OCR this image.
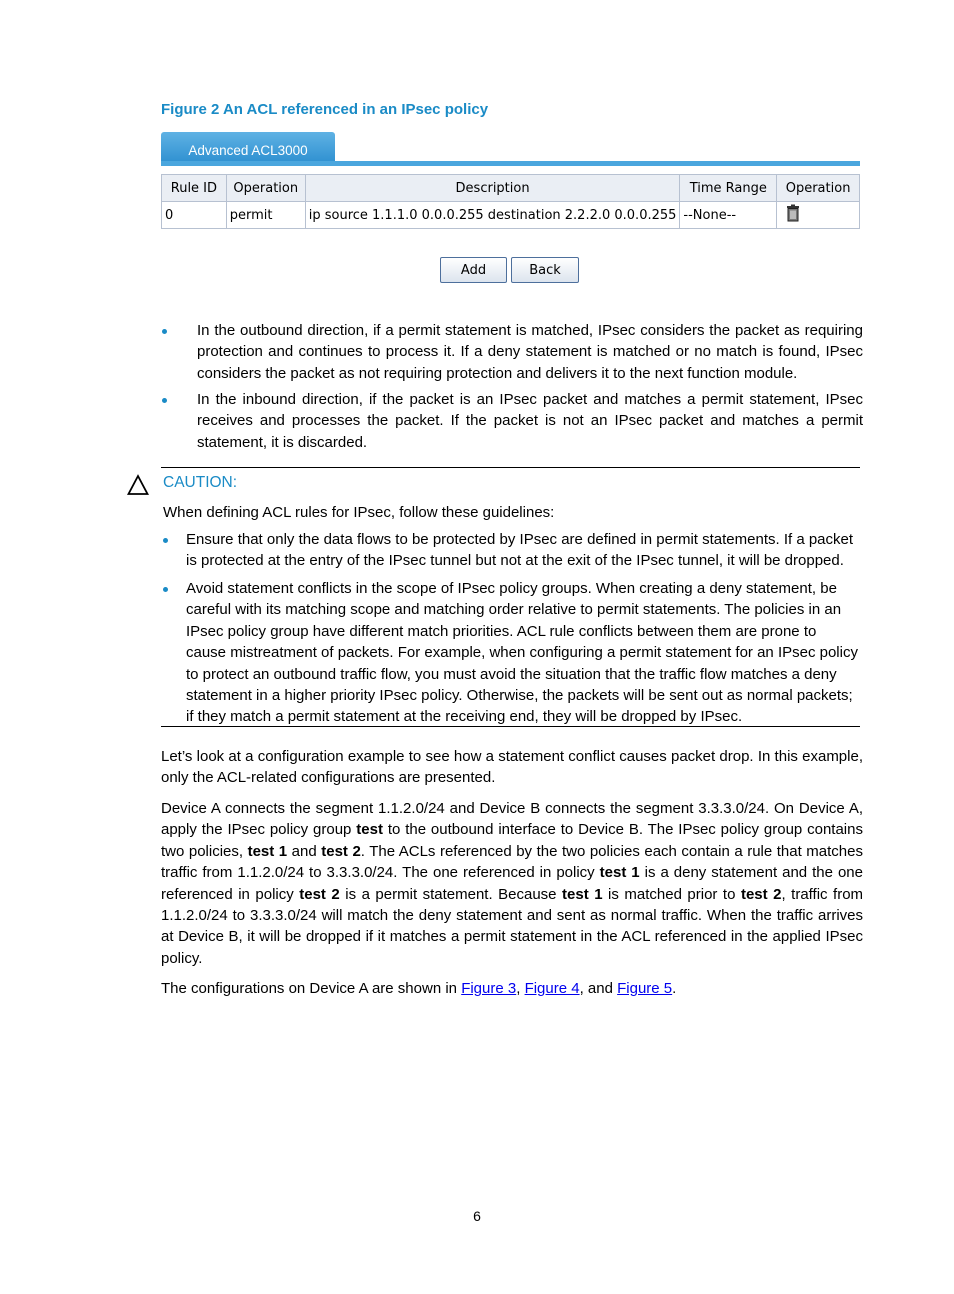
Figure 2 An ACL referenced in an IPsec policy
Advanced ACL3000
Rule ID	Operation	Description	Time Range	Operation
0	permit	ip source 1.1.1.0 0.0.0.255 destination 2.2.2.0 0.0.0.255	--None--	
Add	Back
In the outbound direction, if a permit statement is matched, IPsec considers the packet as requiring protection and continues to process it. If a deny statement is matched or no match is found, IPsec considers the packet as not requiring protection and delivers it to the next function module.
In the inbound direction, if the packet is an IPsec packet and matches a permit statement, IPsec receives and processes the packet. If the packet is not an IPsec packet and matches a permit statement, it is discarded.
CAUTION:
When defining ACL rules for IPsec, follow these guidelines:
Ensure that only the data flows to be protected by IPsec are defined in permit statements. If a packet is protected at the entry of the IPsec tunnel but not at the exit of the IPsec tunnel, it will be dropped.
Avoid statement conflicts in the scope of IPsec policy groups. When creating a deny statement, be careful with its matching scope and matching order relative to permit statements. The policies in an IPsec policy group have different match priorities. ACL rule conflicts between them are prone to cause mistreatment of packets. For example, when configuring a permit statement for an IPsec policy to protect an outbound traffic flow, you must avoid the situation that the traffic flow matches a deny statement in a higher priority IPsec policy. Otherwise, the packets will be sent out as normal packets; if they match a permit statement at the receiving end, they will be dropped by IPsec.
Let’s look at a configuration example to see how a statement conflict causes packet drop. In this example, only the ACL-related configurations are presented.
Device A connects the segment 1.1.2.0/24 and Device B connects the segment 3.3.3.0/24. On Device A, apply the IPsec policy group test to the outbound interface to Device B. The IPsec policy group contains two policies, test 1 and test 2. The ACLs referenced by the two policies each contain a rule that matches traffic from 1.1.2.0/24 to 3.3.3.0/24. The one referenced in policy test 1 is a deny statement and the one referenced in policy test 2 is a permit statement. Because test 1 is matched prior to test 2, traffic from 1.1.2.0/24 to 3.3.3.0/24 will match the deny statement and sent as normal traffic. When the traffic arrives at Device B, it will be dropped if it matches a permit statement in the ACL referenced in the applied IPsec policy.
The configurations on Device A are shown in Figure 3, Figure 4, and Figure 5.
6
